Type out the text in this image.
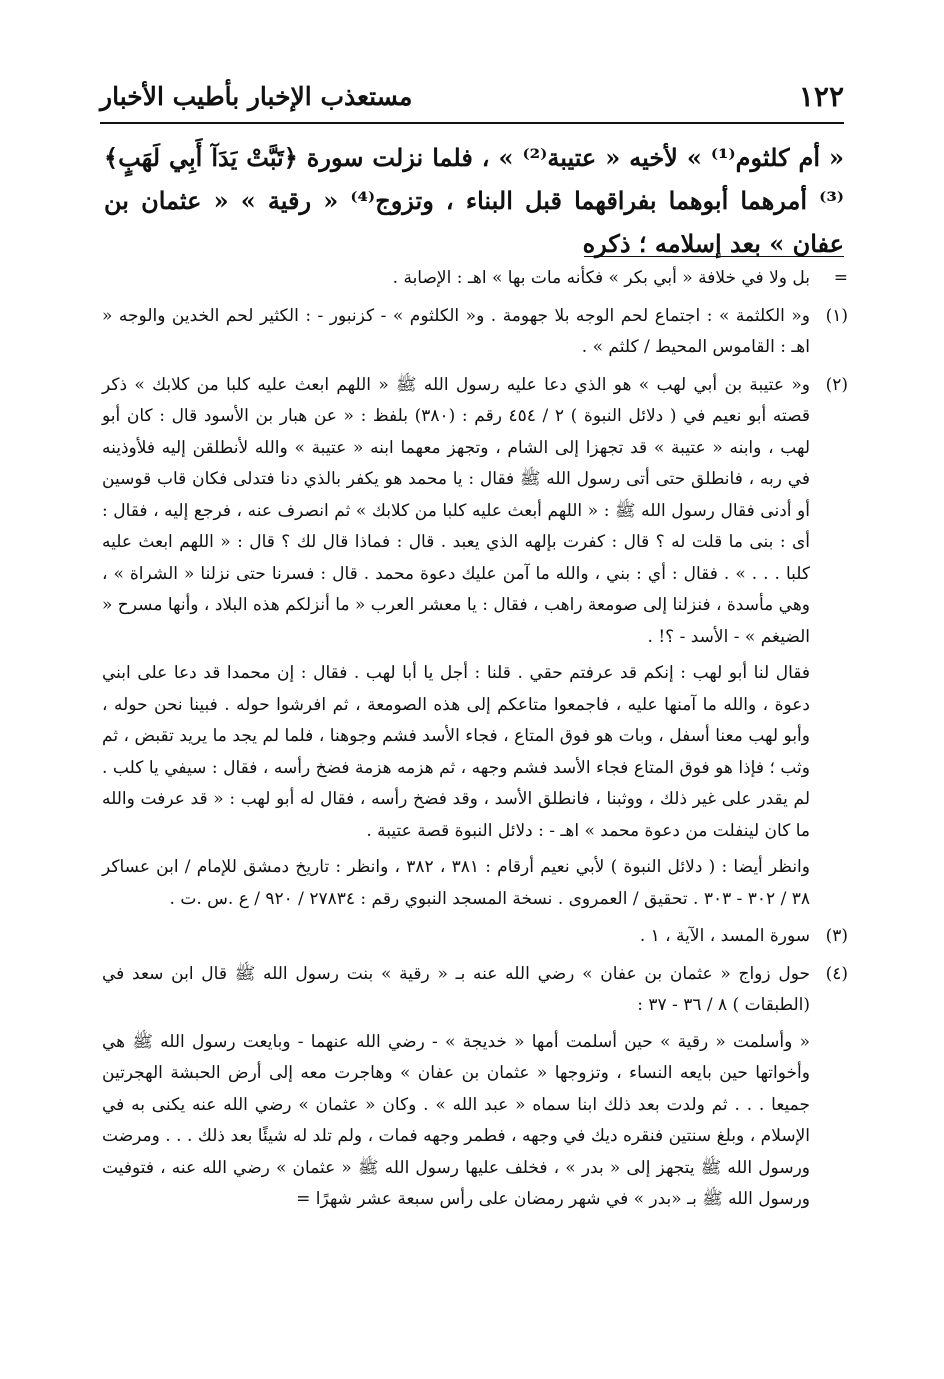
١٢٢
مستعذب الإخبار بأطيب الأخبار

« أم كلثوم⁽¹⁾ » لأخيه « عتيبة⁽²⁾ » ، فلما نزلت سورة ﴿تَبَّتْ يَدَآ أَبِي لَهَبٍ﴾⁽³⁾ أمرهما أبوهما بفراقهما قبل البناء ، وتزوج⁽⁴⁾ « رقية » « عثمان بن عفان » بعد إسلامه ؛ ذكره

=

بل ولا في خلافة « أبي بكر » فكأنه مات بها » اهـ : الإصابة .

(١)

و« الكلثمة » : اجتماع لحم الوجه بلا جهومة . و« الكلثوم » - كزنبور - : الكثير لحم الخدين والوجه « اهـ : القاموس المحيط / كلثم » .

(٢)

و« عتيبة بن أبي لهب » هو الذي دعا عليه رسول الله ﷺ « اللهم ابعث عليه كلبا من كلابك » ذكر قصته أبو نعيم في ( دلائل النبوة ) ٢ / ٤٥٤ رقم : (٣٨٠) بلفظ : « عن هبار بن الأسود قال : كان أبو لهب ، وابنه « عتيبة » قد تجهزا إلى الشام ، وتجهز معهما ابنه « عتيبة » والله لأنطلقن إليه فلأوذينه في ربه ، فانطلق حتى أتى رسول الله ﷺ فقال : يا محمد هو يكفر بالذي دنا فتدلى فكان قاب قوسين أو أدنى فقال رسول الله ﷺ : « اللهم أبعث عليه كلبا من كلابك » ثم انصرف عنه ، فرجع إليه ، فقال : أى : بنى ما قلت له ؟ قال : كفرت بإلهه الذي يعبد . قال : فماذا قال لك ؟ قال : « اللهم ابعث عليه كلبا . . . » . فقال : أي : بني ، والله ما آمن عليك دعوة محمد . قال : فسرنا حتى نزلنا « الشراة » ، وهي مأسدة ، فنزلنا إلى صومعة راهب ، فقال : يا معشر العرب « ما أنزلكم هذه البلاد ، وأنها مسرح « الضيغم » - الأسد - ؟! .

فقال لنا أبو لهب : إنكم قد عرفتم حقي . قلنا : أجل يا أبا لهب . فقال : إن محمدا قد دعا على ابني دعوة ، والله ما آمنها عليه ، فاجمعوا متاعكم إلى هذه الصومعة ، ثم افرشوا حوله . فبينا نحن حوله ، وأبو لهب معنا أسفل ، وبات هو فوق المتاع ، فجاء الأسد فشم وجوهنا ، فلما لم يجد ما يريد تقبض ، ثم وثب ؛ فإذا هو فوق المتاع فجاء الأسد فشم وجهه ، ثم هزمه هزمة فضخ رأسه ، فقال : سيفي يا كلب . لم يقدر على غير ذلك ، ووثبنا ، فانطلق الأسد ، وقد فضخ رأسه ، فقال له أبو لهب : « قد عرفت والله ما كان لينفلت من دعوة محمد » اهـ - : دلائل النبوة قصة عتيبة .

وانظر أيضا : ( دلائل النبوة ) لأبي نعيم أرقام : ٣٨١ ، ٣٨٢ ، وانظر : تاريخ دمشق للإمام / ابن عساكر ٣٨ / ٣٠٢ - ٣٠٣ . تحقيق / العمروى . نسخة المسجد النبوي رقم : ٢٧٨٣٤ / ٩٢٠ / ع .س .ت .

(٣)

سورة المسد ، الآية ، ١ .

(٤)

حول زواج « عثمان بن عفان » رضي الله عنه بـ « رقية » بنت رسول الله ﷺ قال ابن سعد في (الطبقات ) ٨ / ٣٦ - ٣٧ :

« وأسلمت « رقية » حين أسلمت أمها « خديجة » - رضي الله عنهما - وبايعت رسول الله ﷺ هي وأخواتها حين بايعه النساء ، وتزوجها « عثمان بن عفان » وهاجرت معه إلى أرض الحبشة الهجرتين جميعا . . . ثم ولدت بعد ذلك ابنا سماه « عبد الله » . وكان « عثمان » رضي الله عنه يكنى به في الإسلام ، وبلغ سنتين فنقره ديك في وجهه ، فطمر وجهه فمات ، ولم تلد له شيئًا بعد ذلك . . . ومرضت ورسول الله ﷺ يتجهز إلى « بدر » ، فخلف عليها رسول الله ﷺ « عثمان » رضي الله عنه ، فتوفيت ورسول الله ﷺ بـ «بدر » في شهر رمضان على رأس سبعة عشر شهرًا =
